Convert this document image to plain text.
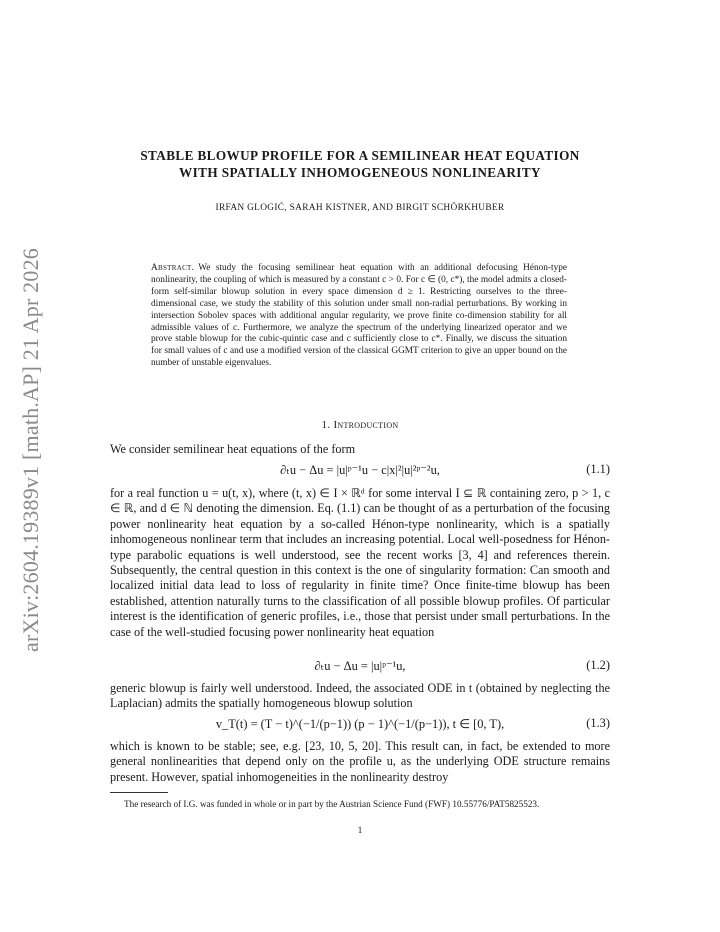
arXiv:2604.19389v1 [math.AP] 21 Apr 2026
STABLE BLOWUP PROFILE FOR A SEMILINEAR HEAT EQUATION
WITH SPATIALLY INHOMOGENEOUS NONLINEARITY
IRFAN GLOGIĆ, SARAH KISTNER, AND BIRGIT SCHÖRKHUBER
Abstract. We study the focusing semilinear heat equation with an additional defocusing Hénon-type nonlinearity, the coupling of which is measured by a constant c > 0. For c ∈ (0, c*), the model admits a closed-form self-similar blowup solution in every space dimension d ≥ 1. Restricting ourselves to the three-dimensional case, we study the stability of this solution under small non-radial perturbations. By working in intersection Sobolev spaces with additional angular regularity, we prove finite co-dimension stability for all admissible values of c. Furthermore, we analyze the spectrum of the underlying linearized operator and we prove stable blowup for the cubic-quintic case and c sufficiently close to c*. Finally, we discuss the situation for small values of c and use a modified version of the classical GGMT criterion to give an upper bound on the number of unstable eigenvalues.
1. Introduction
We consider semilinear heat equations of the form
∂ₜu − Δu = |u|ᵖ⁻¹u − c|x|²|u|²ᵖ⁻²u,	(1.1)
for a real function u = u(t, x), where (t, x) ∈ I × ℝᵈ for some interval I ⊆ ℝ containing zero, p > 1, c ∈ ℝ, and d ∈ ℕ denoting the dimension. Eq. (1.1) can be thought of as a perturbation of the focusing power nonlinearity heat equation by a so-called Hénon-type nonlinearity, which is a spatially inhomogeneous nonlinear term that includes an increasing potential. Local well-posedness for Hénon-type parabolic equations is well understood, see the recent works [3, 4] and references therein. Subsequently, the central question in this context is the one of singularity formation: Can smooth and localized initial data lead to loss of regularity in finite time? Once finite-time blowup has been established, attention naturally turns to the classification of all possible blowup profiles. Of particular interest is the identification of generic profiles, i.e., those that persist under small perturbations. In the case of the well-studied focusing power nonlinearity heat equation
∂ₜu − Δu = |u|ᵖ⁻¹u,	(1.2)
generic blowup is fairly well understood. Indeed, the associated ODE in t (obtained by neglecting the Laplacian) admits the spatially homogeneous blowup solution
v_T(t) = (T − t)^(−1/(p−1)) (p − 1)^(−1/(p−1)), t ∈ [0, T),	(1.3)
which is known to be stable; see, e.g. [23, 10, 5, 20]. This result can, in fact, be extended to more general nonlinearities that depend only on the profile u, as the underlying ODE structure remains present. However, spatial inhomogeneities in the nonlinearity destroy
The research of I.G. was funded in whole or in part by the Austrian Science Fund (FWF) 10.55776/PAT5825523.
1
